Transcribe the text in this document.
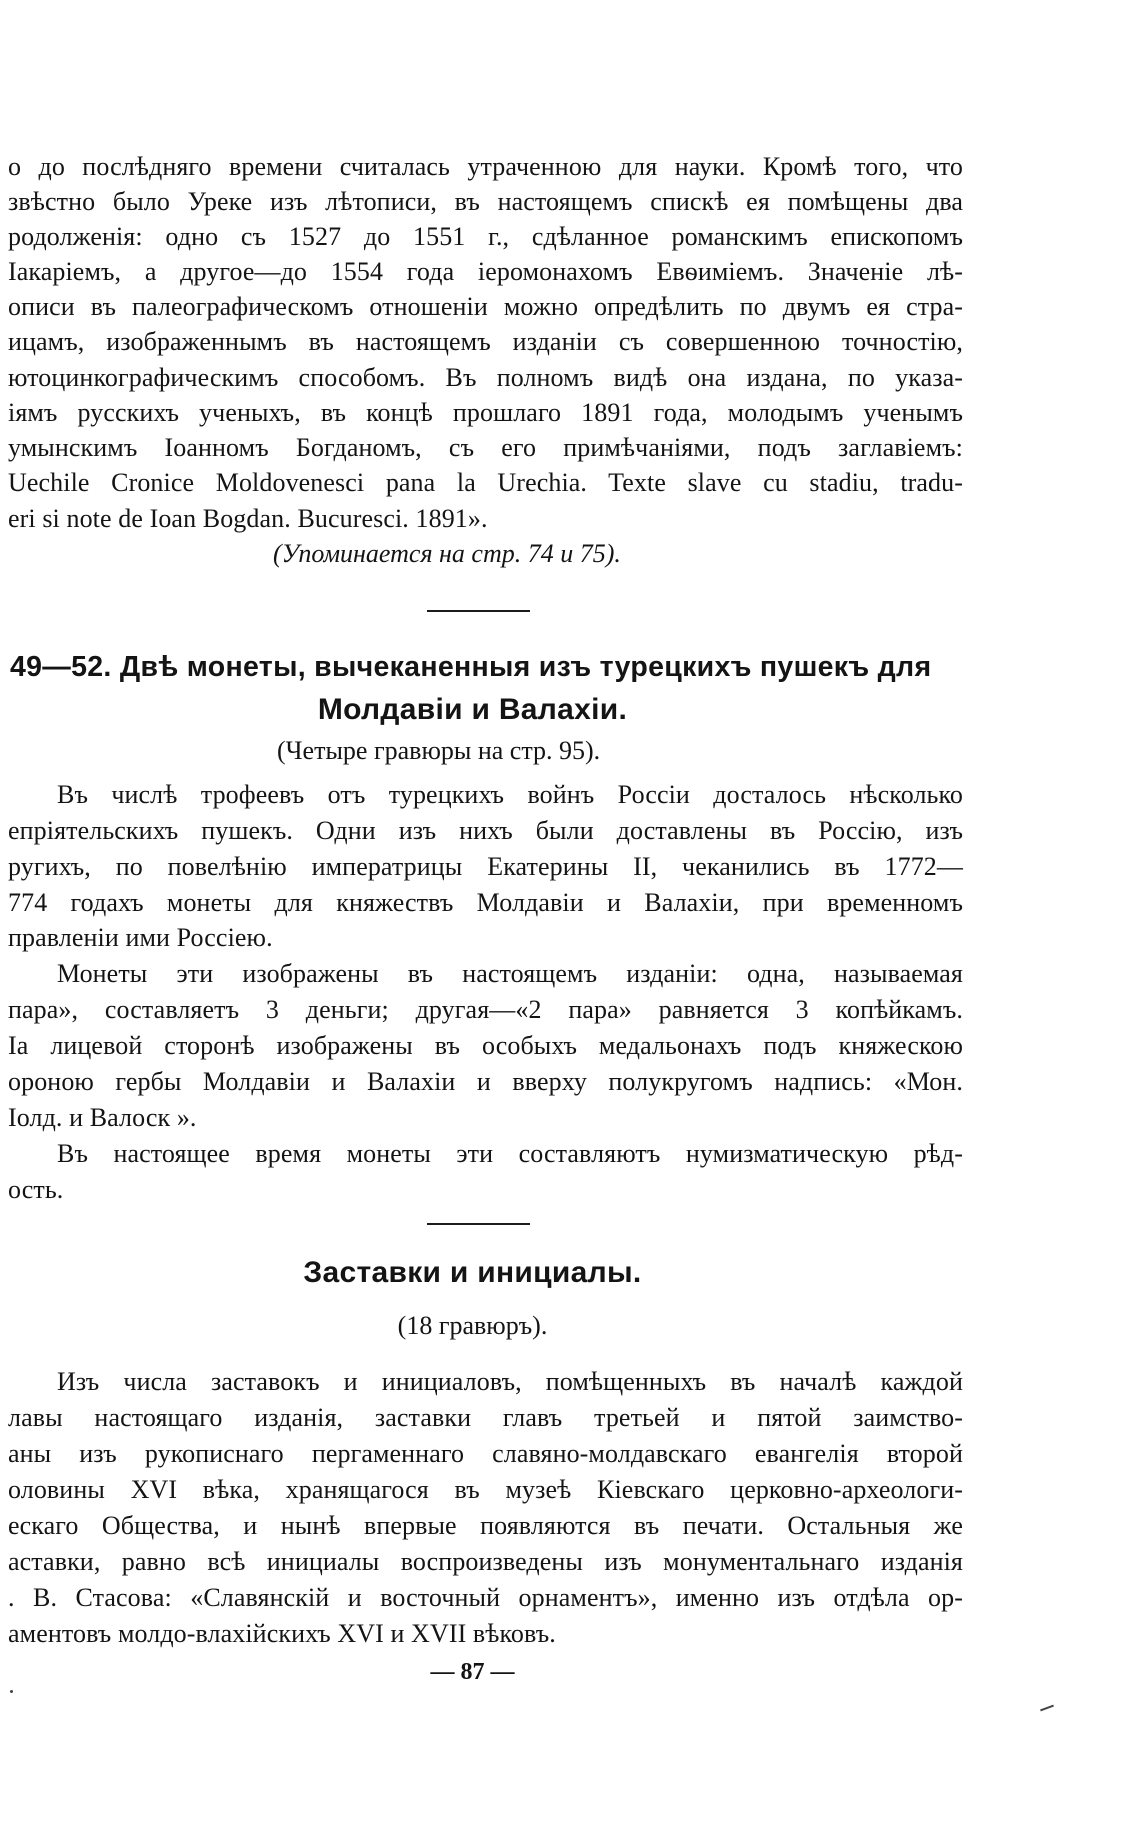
о до послѣдняго времени считалась утраченною для науки. Кромѣ того, что
звѣстно было Уреке изъ лѣтописи, въ настоящемъ спискѣ ея помѣщены два
родолженія: одно съ 1527 до 1551 г., сдѣланное романскимъ епископомъ
Iакаріемъ, а другое—до 1554 года іеромонахомъ Евѳиміемъ. Значеніе лѣ-
описи въ палеографическомъ отношеніи можно опредѣлить по двумъ ея стра-
ицамъ, изображеннымъ въ настоящемъ изданіи съ совершенною точностію,
ютоцинкографическимъ способомъ. Въ полномъ видѣ она издана, по указа-
іямъ русскихъ ученыхъ, въ концѣ прошлаго 1891 года, молодымъ ученымъ
умынскимъ Іоанномъ Богданомъ, съ его примѣчаніями, подъ заглавіемъ:
Uechile Cronice Moldovenesci pana la Urechia. Texte slave cu stadiu, tradu-
eri si note de Ioan Bogdan. Bucuresci. 1891».
(Упоминается на стр. 74 и 75).
49—52. Двѣ монеты, вычеканенныя изъ турецкихъ пушекъ для
Молдавіи и Валахіи.
(Четыре гравюры на стр. 95).
Въ числѣ трофеевъ отъ турецкихъ войнъ Россіи досталось нѣсколько
епріятельскихъ пушекъ. Одни изъ нихъ были доставлены въ Россію, изъ
ругихъ, по повелѣнію императрицы Екатерины II, чеканились въ 1772—
774 годахъ монеты для княжествъ Молдавіи и Валахіи, при временномъ
правленіи ими Россіею.
Монеты эти изображены въ настоящемъ изданіи: одна, называемая
пара», составляетъ 3 деньги; другая—«2 пара» равняется 3 копѣйкамъ.
Іа лицевой сторонѣ изображены въ особыхъ медальонахъ подъ княжескою
ороною гербы Молдавіи и Валахіи и вверху полукругомъ надпись: «Мон.
Іолд. и Валоск ».
Въ настоящее время монеты эти составляютъ нумизматическую рѣд-
ость.
Заставки и инициалы.
(18 гравюръ).
Изъ числа заставокъ и инициаловъ, помѣщенныхъ въ началѣ каждой
лавы настоящаго изданія, заставки главъ третьей и пятой заимство-
аны изъ рукописнаго пергаменнаго славяно-молдавскаго евангелія второй
оловины XVI вѣка, хранящагося въ музеѣ Кіевскаго церковно-археологи-
еcкаго Общества, и нынѣ впервые появляются въ печати. Остальныя же
аставки, равно всѣ инициалы воспроизведены изъ монументальнаго изданія
. В. Стасова: «Славянскій и восточный орнаментъ», именно изъ отдѣла ор-
аментовъ молдо-влахійскихъ XVI и XVII вѣковъ.
— 87 —
